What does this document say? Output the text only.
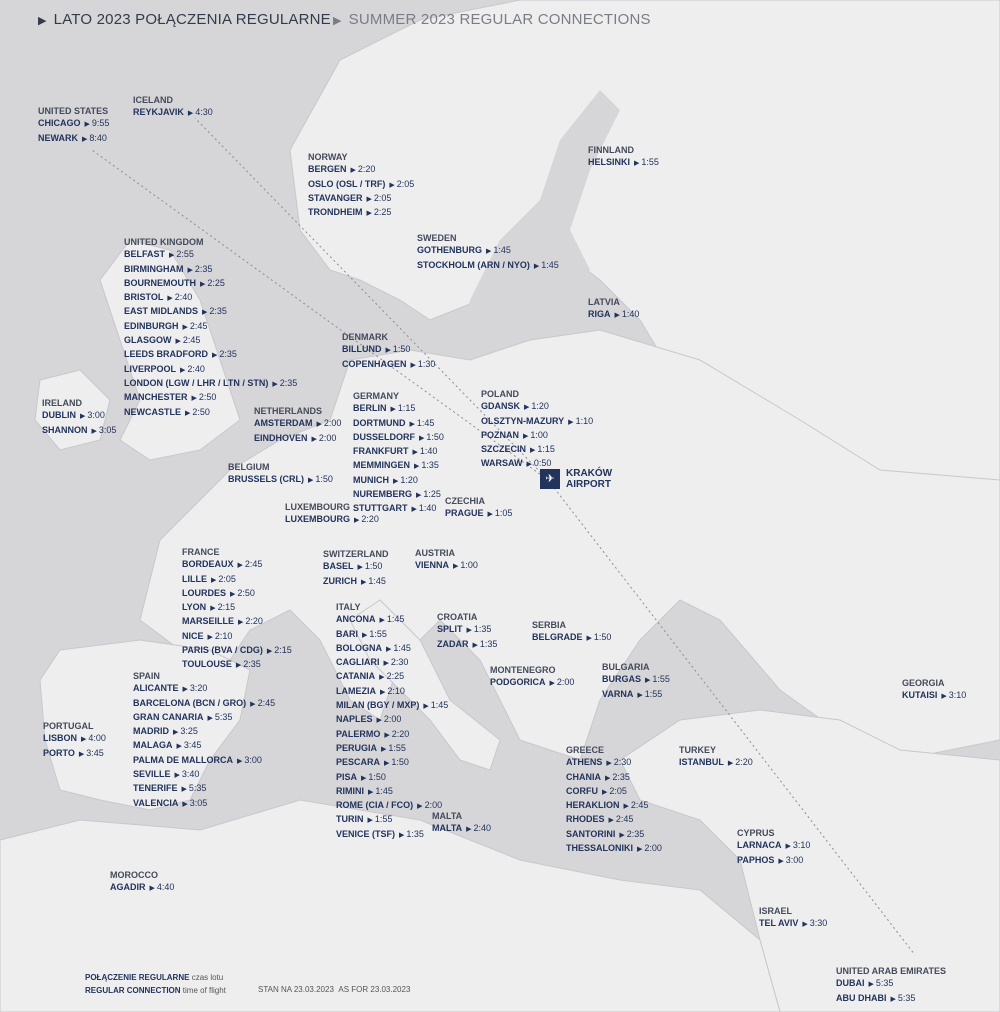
▶ LATO 2023 POŁĄCZENIA REGULARNE ▶ SUMMER 2023 REGULAR CONNECTIONS
✈	KRAKÓW
AIRPORT
UNITED STATES
CHICAGO ▶ 9:55
NEWARK ▶ 8:40
ICELAND
REYKJAVIK ▶ 4:30
NORWAY
BERGEN ▶ 2:20
OSLO (OSL / TRF) ▶ 2:05
STAVANGER ▶ 2:05
TRONDHEIM ▶ 2:25
FINNLAND
HELSINKI ▶ 1:55
SWEDEN
GOTHENBURG ▶ 1:45
STOCKHOLM (ARN / NYO) ▶ 1:45
UNITED KINGDOM
BELFAST ▶ 2:55
BIRMINGHAM ▶ 2:35
BOURNEMOUTH ▶ 2:25
BRISTOL ▶ 2:40
EAST MIDLANDS ▶ 2:35
EDINBURGH ▶ 2:45
GLASGOW ▶ 2:45
LEEDS BRADFORD ▶ 2:35
LIVERPOOL ▶ 2:40
LONDON (LGW / LHR / LTN / STN) ▶ 2:35
MANCHESTER ▶ 2:50
NEWCASTLE ▶ 2:50
LATVIA
RIGA ▶ 1:40
DENMARK
BILLUND ▶ 1:50
COPENHAGEN ▶ 1:30
IRELAND
DUBLIN ▶ 3:00
SHANNON ▶ 3:05
POLAND
GDANSK ▶ 1:20
OLSZTYN-MAZURY ▶ 1:10
POZNAN ▶ 1:00
SZCZECIN ▶ 1:15
WARSAW ▶ 0:50
GERMANY
BERLIN ▶ 1:15
DORTMUND ▶ 1:45
DUSSELDORF ▶ 1:50
FRANKFURT ▶ 1:40
MEMMINGEN ▶ 1:35
MUNICH ▶ 1:20
NUREMBERG ▶ 1:25
STUTTGART ▶ 1:40
NETHERLANDS
AMSTERDAM ▶ 2:00
EINDHOVEN ▶ 2:00
BELGIUM
BRUSSELS (CRL) ▶ 1:50
LUXEMBOURG
LUXEMBOURG ▶ 2:20
CZECHIA
PRAGUE ▶ 1:05
FRANCE
BORDEAUX ▶ 2:45
LILLE ▶ 2:05
LOURDES ▶ 2:50
LYON ▶ 2:15
MARSEILLE ▶ 2:20
NICE ▶ 2:10
PARIS (BVA / CDG) ▶ 2:15
TOULOUSE ▶ 2:35
SWITZERLAND
BASEL ▶ 1:50
ZURICH ▶ 1:45
AUSTRIA
VIENNA ▶ 1:00
ITALY
ANCONA ▶ 1:45
BARI ▶ 1:55
BOLOGNA ▶ 1:45
CAGLIARI ▶ 2:30
CATANIA ▶ 2:25
LAMEZIA ▶ 2:10
MILAN (BGY / MXP) ▶ 1:45
NAPLES ▶ 2:00
PALERMO ▶ 2:20
PERUGIA ▶ 1:55
PESCARA ▶ 1:50
PISA ▶ 1:50
RIMINI ▶ 1:45
ROME (CIA / FCO) ▶ 2:00
TURIN ▶ 1:55
VENICE (TSF) ▶ 1:35
CROATIA
SPLIT ▶ 1:35
ZADAR ▶ 1:35
SERBIA
BELGRADE ▶ 1:50
MONTENEGRO
PODGORICA ▶ 2:00
BULGARIA
BURGAS ▶ 1:55
VARNA ▶ 1:55
GEORGIA
KUTAISI ▶ 3:10
SPAIN
ALICANTE ▶ 3:20
BARCELONA (BCN / GRO) ▶ 2:45
GRAN CANARIA ▶ 5:35
MADRID ▶ 3:25
MALAGA ▶ 3:45
PALMA DE MALLORCA ▶ 3:00
SEVILLE ▶ 3:40
TENERIFE ▶ 5:35
VALENCIA ▶ 3:05
PORTUGAL
LISBON ▶ 4:00
PORTO ▶ 3:45	GREECE
ATHENS ▶ 2:30
CHANIA ▶ 2:35
CORFU ▶ 2:05
HERAKLION ▶ 2:45
RHODES ▶ 2:45
SANTORINI ▶ 2:35
THESSALONIKI ▶ 2:00
TURKEY
ISTANBUL ▶ 2:20
MALTA
MALTA ▶ 2:40	CYPRUS
LARNACA ▶ 3:10
PAPHOS ▶ 3:00
MOROCCO
AGADIR ▶ 4:40
ISRAEL
TEL AVIV ▶ 3:30
UNITED ARAB EMIRATES
DUBAI ▶ 5:35
ABU DHABI ▶ 5:35
POŁĄCZENIE REGULARNE czas lotu
REGULAR CONNECTION time of flight	STAN NA 23.03.2023 AS FOR 23.03.2023
